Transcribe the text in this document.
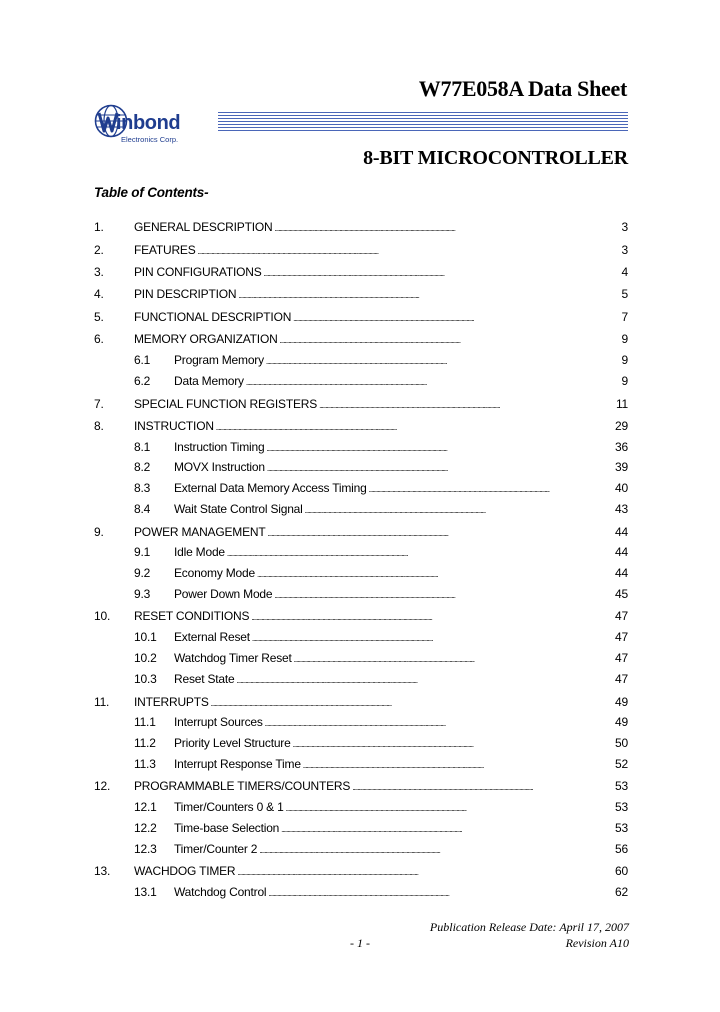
W77E058A Data Sheet
inbond
Electronics Corp.
8-BIT MICROCONTROLLER
Table of Contents-
1.	GENERAL DESCRIPTION . . .	3
2.	FEATURES . . .	3
3.	PIN CONFIGURATIONS . . .	4
4.	PIN DESCRIPTION . . .	5
5.	FUNCTIONAL DESCRIPTION . . .	7
6.	MEMORY ORGANIZATION . . .	9
6.1	Program Memory . . .	9
6.2	Data Memory . . .	9
7.	SPECIAL FUNCTION REGISTERS . . .	11
8.	INSTRUCTION . . .	29
8.1	Instruction Timing . . .	36
8.2	MOVX Instruction . . .	39
8.3	External Data Memory Access Timing . . .	40
8.4	Wait State Control Signal . . .	43
9.	POWER MANAGEMENT . . .	44
9.1	Idle Mode . . .	44
9.2	Economy Mode . . .	44
9.3	Power Down Mode . . .	45
10.	RESET CONDITIONS . . .	47
10.1	External Reset . . .	47
10.2	Watchdog Timer Reset . . .	47
10.3	Reset State . . .	47
11.	INTERRUPTS . . .	49
11.1	Interrupt Sources . . .	49
11.2	Priority Level Structure . . .	50
11.3	Interrupt Response Time . . .	52
12.	PROGRAMMABLE TIMERS/COUNTERS . . .	53
12.1	Timer/Counters 0 & 1 . . .	53
12.2	Time-base Selection . . .	53
12.3	Timer/Counter 2 . . .	56
13.	WACHDOG TIMER . . .	60
13.1	Watchdog Control . . .	62
Publication Release Date: April 17, 2007
- 1 -	Revision A10
